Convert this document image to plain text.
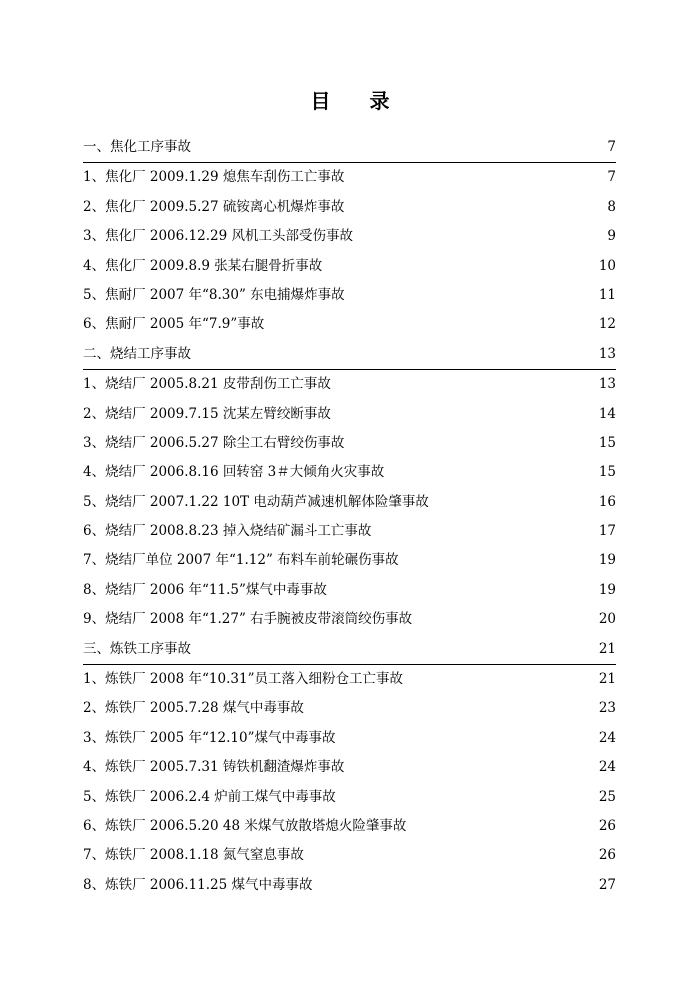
目 录
一、焦化工序事故	7
1、焦化厂 2009.1.29 熄焦车刮伤工亡事故	7
2、焦化厂 2009.5.27 硫铵离心机爆炸事故	8
3、焦化厂 2006.12.29 风机工头部受伤事故	9
4、焦化厂 2009.8.9 张某右腿骨折事故	10
5、焦耐厂 2007 年“8.30” 东电捕爆炸事故	11
6、焦耐厂 2005 年“7.9”事故	12
二、烧结工序事故	13
1、烧结厂 2005.8.21 皮带刮伤工亡事故	13
2、烧结厂 2009.7.15 沈某左臂绞断事故	14
3、烧结厂 2006.5.27 除尘工右臂绞伤事故	15
4、烧结厂 2006.8.16 回转窑 3＃大倾角火灾事故	15
5、烧结厂 2007.1.22 10T 电动葫芦减速机解体险肇事故	16
6、烧结厂 2008.8.23 掉入烧结矿漏斗工亡事故	17
7、烧结厂单位 2007 年“1.12” 布料车前轮碾伤事故	19
8、烧结厂 2006 年“11.5”煤气中毒事故	19
9、烧结厂 2008 年“1.27” 右手腕被皮带滚筒绞伤事故	20
三、炼铁工序事故	21
1、炼铁厂 2008 年“10.31”员工落入细粉仓工亡事故	21
2、炼铁厂 2005.7.28 煤气中毒事故	23
3、炼铁厂 2005 年“12.10”煤气中毒事故	24
4、炼铁厂 2005.7.31 铸铁机翻渣爆炸事故	24
5、炼铁厂 2006.2.4 炉前工煤气中毒事故	25
6、炼铁厂 2006.5.20 48 米煤气放散塔熄火险肇事故	26
7、炼铁厂 2008.1.18 氮气窒息事故	26
8、炼铁厂 2006.11.25 煤气中毒事故	27
